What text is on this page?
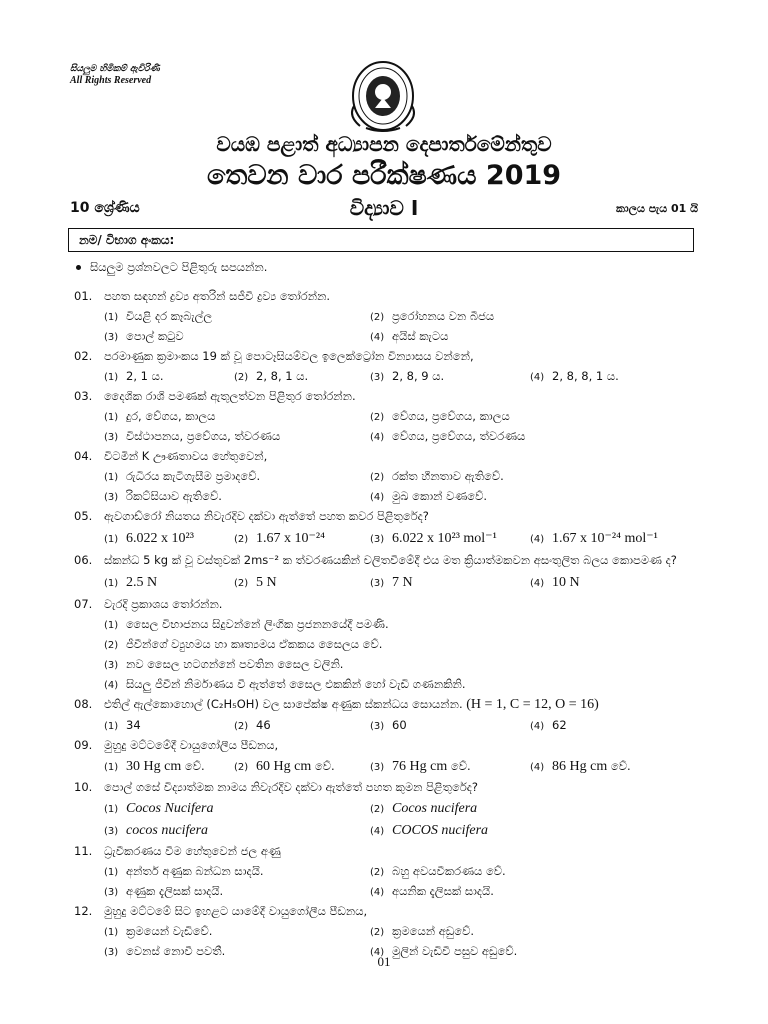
සියලුම හිමිකම් ඇවිරිණි
All Rights Reserved
වයඹ පළාත් අධ්‍යාපන දෙපාර්තමේන්තුව
තෙවන වාර පරීක්ෂණය 2019
10 ශ්‍රේණිය	විද්‍යාව I	කාලය පැය 01 යි
නම/ විභාග අංකය:
සියලුම ප්‍රශ්නවලට පිළිතුරු සපයන්න.
01. පහත සඳහන් ද්‍රව්‍ය අතරින් සජීවී ද්‍රව්‍ය තෝරන්න.
(1) වියළි දර කෑබැල්ල	(2) ප්‍රරෝහනය වන බීජය
(3) පොල් කටුව	(4) අයිස් කැටය
02. පරමාණුක ක්‍රමාංකය 19 ක් වූ පොටෑසියම්වල ඉලෙක්ට්‍රෝන වින්‍යාසය වන්නේ,
(1) 2, 1 ය.	(2) 2, 8, 1 ය.	(3) 2, 8, 9 ය.	(4) 2, 8, 8, 1 ය.
03. දෛශික රාශි පමණක් ඇතුලත්වන පිළිතුර තෝරන්න.
(1) දුර, වේගය, කාලය	(2) වේගය, ප්‍රවේගය, කාලය
(3) විස්ථාපනය, ප්‍රවේගය, ත්වරණය	(4) වේගය, ප්‍රවේගය, ත්වරණය
04. විටමින් K ඌණතාවය හේතුවෙන්,
(1) රුධිරය කැටිගැසීම ප්‍රමාදවේ.	(2) රක්ත හීනතාව ඇතිවේ.
(3) රිකට්සියාව ඇතිවේ.	(4) මුඛ කොන් වණවේ.
05. ඇවගාඩ්රෝ නියතය නිවැරදිව දක්වා ඇත්තේ පහත කවර පිළිතුරේද?
(1) 6.022 x 10²³	(2) 1.67 x 10⁻²⁴	(3) 6.022 x 10²³ mol⁻¹	(4) 1.67 x 10⁻²⁴ mol⁻¹
06. ස්කන්ධ 5 kg ක් වූ වස්තුවක් 2ms⁻² ක ත්වරණයකින් චලිතවීමේදී එය මත ක්‍රියාත්මකවන අසංතුලිත බලය කොපමණ ද?
(1) 2.5 N	(2) 5 N	(3) 7 N	(4) 10 N
07. වැරදි ප්‍රකාශය තෝරන්න.
(1) සෛල විභාජනය සිදුවන්නේ ලිංගික ප්‍රජනනයේදී පමණි.
(2) ජීවීන්ගේ ව්‍යුහමය හා කෘත්‍යමය ඒකකය සෛලය වේ.
(3) නව සෛල හටගන්නේ පවතින සෛල වලිනි.
(4) සියලු ජීවීන් නිර්මාණය වී ඇත්තේ සෛල එකකින් හෝ වැඩි ගණනකිනි.
08. එතිල් ඇල්කොහොල් (C₂H₅OH) වල සාපේක්ෂ අණුක ස්කන්ධය සොයන්න. (H = 1, C = 12, O = 16)
(1) 34	(2) 46	(3) 60	(4) 62
09. මුහුදු මට්ටමේදී වායුගෝලීය පීඩනය,
(1) 30 Hg cm වේ.	(2) 60 Hg cm වේ.	(3) 76 Hg cm වේ.	(4) 86 Hg cm වේ.
10. පොල් ගසේ විද්‍යාත්මක නාමය නිවැරදිව දක්වා ඇත්තේ පහත කුමන පිළිතුරේද?
(1) Cocos Nucifera	(2) Cocos nucifera
(3) cocos nucifera	(4) COCOS nucifera
11. ධ්‍රැවීකරණය වීම හේතුවෙන් ජල අණු
(1) අන්තර් අණුක බන්ධන සාදයි.	(2) බහු අවයවීකරණය වේ.
(3) අණුක දැලිසක් සාදයි.	(4) අයනික දැලිසක් සාදයි.
12. මුහුදු මට්ටමේ සිට ඉහළට යාමේදී වායුගෝලීය පීඩනය,
(1) ක්‍රමයෙන් වැඩිවේ.	(2) ක්‍රමයෙන් අඩුවේ.
(3) වෙනස් නොවී පවතී.	(4) මුලින් වැඩිවී පසුව අඩුවේ.
01
